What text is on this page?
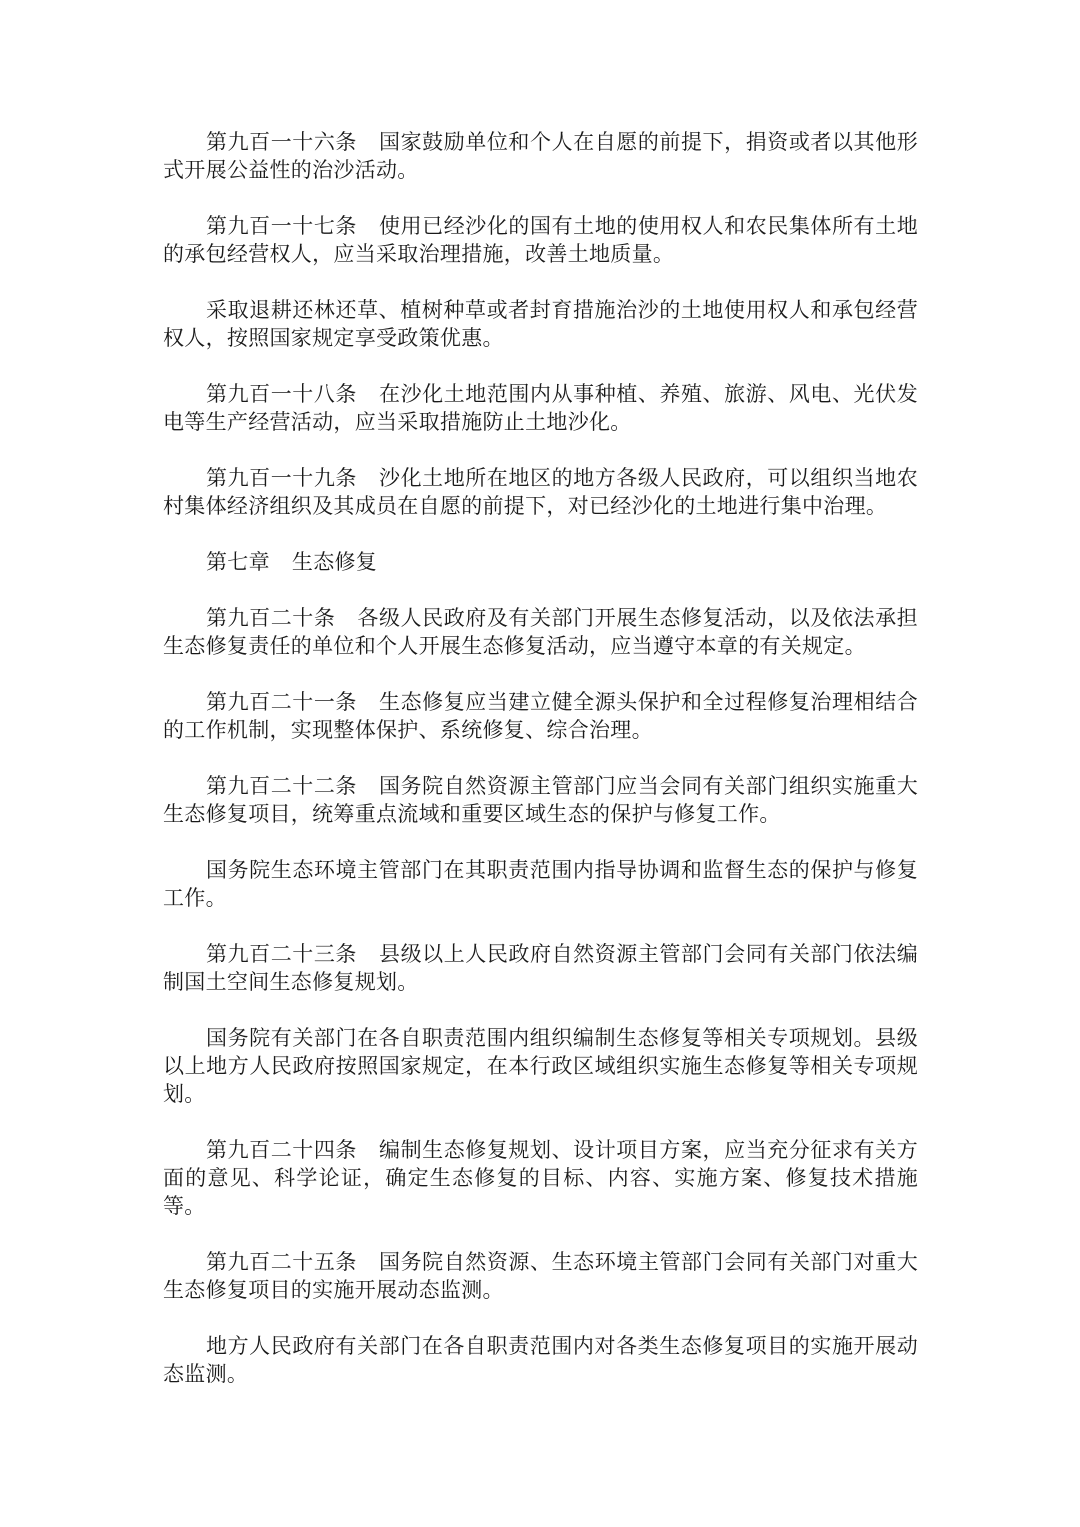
第九百一十六条 国家鼓励单位和个人在自愿的前提下，捐资或者以其他形式开展公益性的治沙活动。

第九百一十七条 使用已经沙化的国有土地的使用权人和农民集体所有土地的承包经营权人，应当采取治理措施，改善土地质量。

采取退耕还林还草、植树种草或者封育措施治沙的土地使用权人和承包经营权人，按照国家规定享受政策优惠。

第九百一十八条 在沙化土地范围内从事种植、养殖、旅游、风电、光伏发电等生产经营活动，应当采取措施防止土地沙化。

第九百一十九条 沙化土地所在地区的地方各级人民政府，可以组织当地农村集体经济组织及其成员在自愿的前提下，对已经沙化的土地进行集中治理。

第七章 生态修复

第九百二十条 各级人民政府及有关部门开展生态修复活动，以及依法承担生态修复责任的单位和个人开展生态修复活动，应当遵守本章的有关规定。

第九百二十一条 生态修复应当建立健全源头保护和全过程修复治理相结合的工作机制，实现整体保护、系统修复、综合治理。

第九百二十二条 国务院自然资源主管部门应当会同有关部门组织实施重大生态修复项目，统筹重点流域和重要区域生态的保护与修复工作。

国务院生态环境主管部门在其职责范围内指导协调和监督生态的保护与修复工作。

第九百二十三条 县级以上人民政府自然资源主管部门会同有关部门依法编制国土空间生态修复规划。

国务院有关部门在各自职责范围内组织编制生态修复等相关专项规划。县级以上地方人民政府按照国家规定，在本行政区域组织实施生态修复等相关专项规划。

第九百二十四条 编制生态修复规划、设计项目方案，应当充分征求有关方面的意见、科学论证，确定生态修复的目标、内容、实施方案、修复技术措施等。

第九百二十五条 国务院自然资源、生态环境主管部门会同有关部门对重大生态修复项目的实施开展动态监测。

地方人民政府有关部门在各自职责范围内对各类生态修复项目的实施开展动态监测。
